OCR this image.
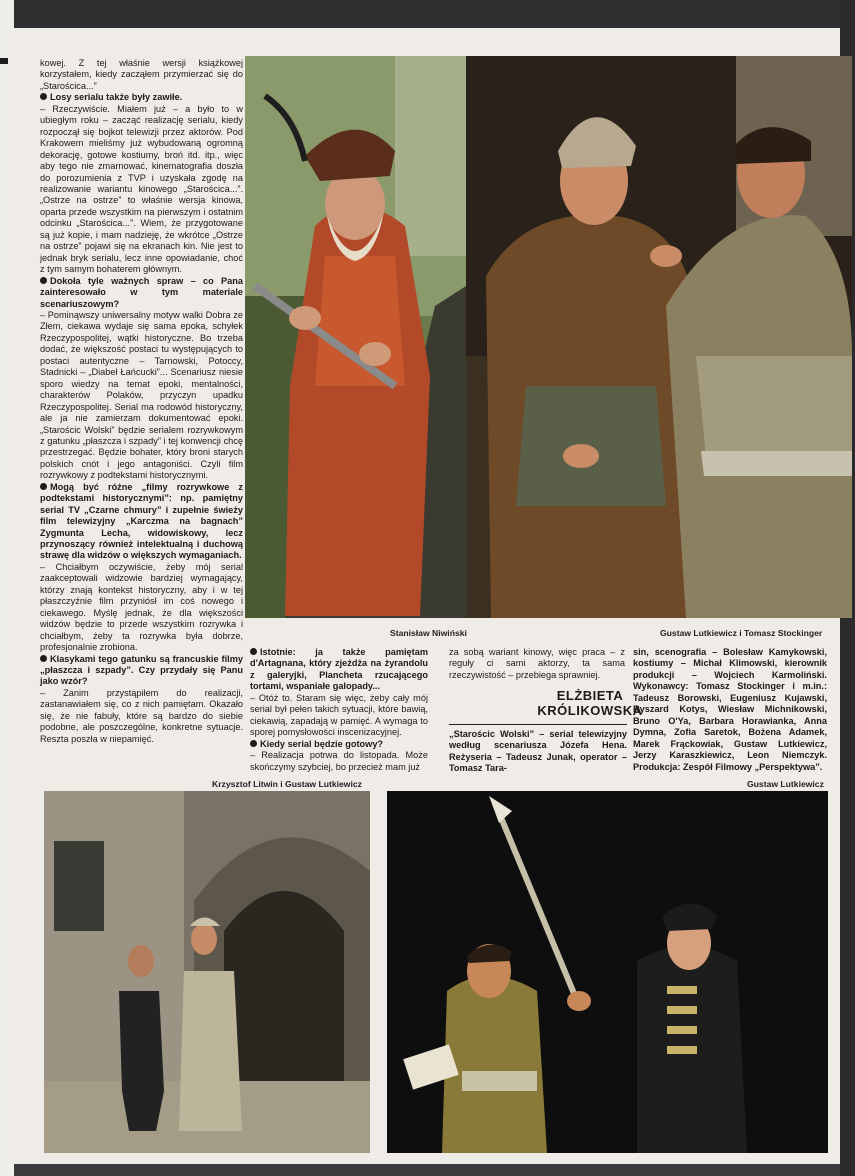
Stanisław Niwiński	Gustaw Lutkiewicz i Tomasz Stockinger

kowej. Z tej właśnie wersji książkowej korzystałem, kiedy zacząłem przymierzać się do „Starościca...”

Losy serialu także były zawiłe.

– Rzeczywiście. Miałem już – a było to w ubiegłym roku – zacząć realizację serialu, kiedy rozpoczął się bojkot telewizji przez aktorów. Pod Krakowem mieliśmy już wybudowaną ogromną dekorację, gotowe kostiumy, broń itd. itp., więc aby tego nie zmarnować, kinematografia doszła do porozumienia z TVP i uzyskała zgodę na realizowanie wariantu kinowego „Starościca...”. „Ostrze na ostrze” to właśnie wersja kinowa, oparta przede wszystkim na pierwszym i ostatnim odcinku „Starościca...”. Wiem, że przygotowane są już kopie, i mam nadzieję, że wkrótce „Ostrze na ostrze” pojawi się na ekranach kin. Nie jest to jednak bryk serialu, lecz inne opowiadanie, choć z tym samym bohaterem głównym.

Dokoła tyle ważnych spraw – co Pana zainteresowało w tym materiale scenariuszowym?

– Pominąwszy uniwersalny motyw walki Dobra ze Złem, ciekawa wydaje się sama epoka, schyłek Rzeczypospolitej, wątki historyczne. Bo trzeba dodać, że większość postaci tu występujących to postaci autentyczne – Tarnowski, Potoccy, Stadnicki – „Diabeł Łańcucki”... Scenariusz niesie sporo wiedzy na temat epoki, mentalności, charakterów Polaków, przyczyn upadku Rzeczypospolitej. Serial ma rodowód historyczny, ale ja nie zamierzam dokumentować epoki. „Starościc Wolski” będzie serialem rozrywkowym z gatunku „płaszcza i szpady” i tej konwencji chcę przestrzegać. Będzie bohater, który broni starych polskich cnót i jego antagoniści. Czyli film rozrywkowy z podtekstami historycznymi.

Mogą być różne „filmy rozrywkowe z podtekstami historycznymi”: np. pamiętny serial TV „Czarne chmury” i zupełnie świeży film telewizyjny „Karczma na bagnach” Zygmunta Lecha, widowiskowy, lecz przynoszący również intelektualną i duchową strawę dla widzów o większych wymaganiach.

– Chciałbym oczywiście, żeby mój serial zaakceptowali widzowie bardziej wymagający, którzy znają kontekst historyczny, aby i w tej płaszczyźnie film przyniósł im coś nowego i ciekawego. Myślę jednak, że dla większości widzów będzie to przede wszystkim rozrywka i chciałbym, żeby ta rozrywka była dobrze, profesjonalnie zrobiona.

Klasykami tego gatunku są francuskie filmy „płaszcza i szpady”. Czy przydały się Panu jako wzór?

– Zanim przystąpiłem do realizacji, zastanawiałem się, co z nich pamiętam. Okazało się, że nie fabuły, które są bardzo do siebie podobne, ale poszczególne, konkretne sytuacje. Reszta poszła w niepamięć.

Istotnie: ja także pamiętam d'Artagnana, który zjeżdża na żyrandolu z galeryjki, Plancheta rzucającego tortami, wspaniałe galopady...

– Otóż to. Staram się więc, żeby cały mój serial był pełen takich sytuacji, które bawią, ciekawią, zapadają w pamięć. A wymaga to sporej pomysłowości inscenizacyjnej.

Kiedy serial będzie gotowy?

– Realizacja potrwa do listopada. Może skończymy szybciej, bo przecież mam już

za sobą wariant kinowy, więc praca – z reguły ci sami aktorzy, ta sama rzeczywistość – przebiega sprawniej.

ELŻBIETA
KRÓLIKOWSKA

„Starościc Wolski” – serial telewizyjny według scenariusza Józefa Hena. Reżyseria – Tadeusz Junak, operator – Tomasz Tara-

sin, scenografia – Bolesław Kamykowski, kostiumy – Michał Klimowski, kierownik produkcji – Wojciech Karmoliński. Wykonawcy: Tomasz Stockinger i m.in.: Tadeusz Borowski, Eugeniusz Kujawski, Ryszard Kotys, Wiesław Michnikowski, Bruno O'Ya, Barbara Horawianka, Anna Dymna, Zofia Saretok, Bożena Adamek, Marek Frąckowiak, Gustaw Lutkiewicz, Jerzy Karaszkiewicz, Leon Niemczyk. Produkcja: Zespół Filmowy „Perspektywa”.

Krzysztof Litwin i Gustaw Lutkiewicz	Gustaw Lutkiewicz
